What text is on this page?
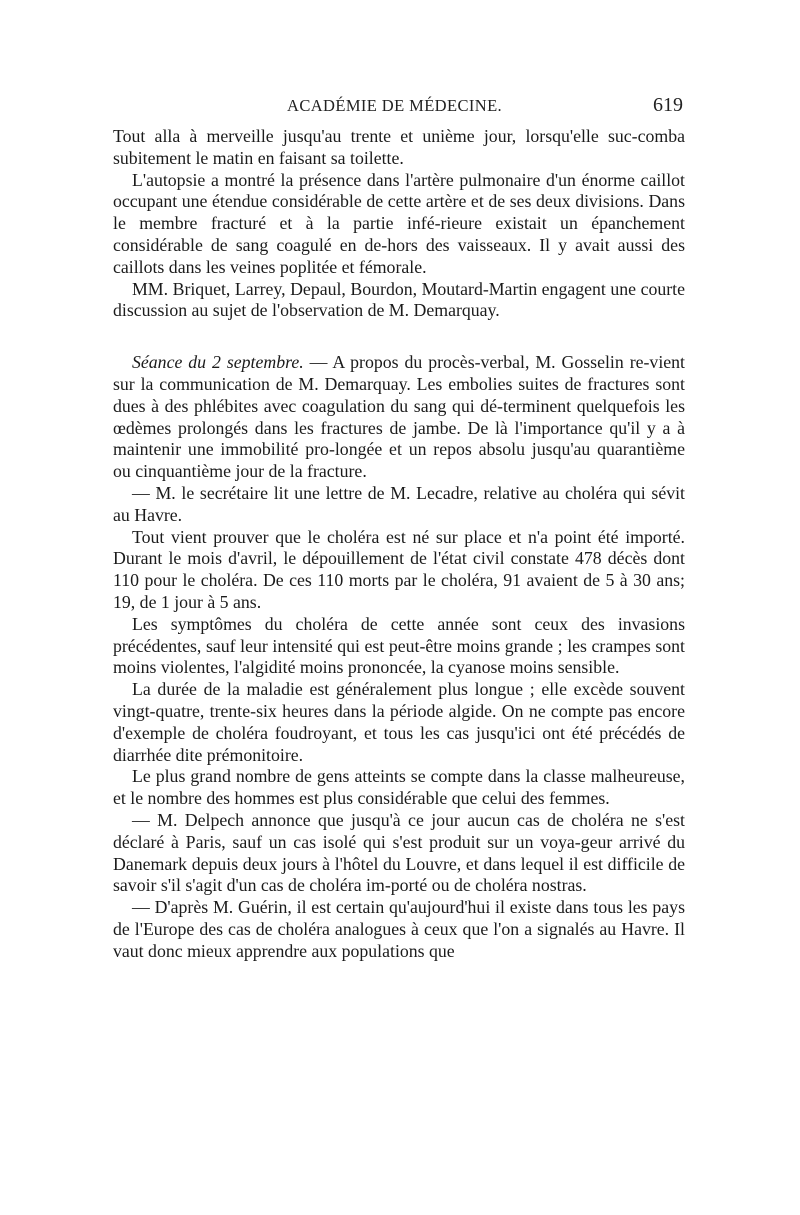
ACADÉMIE DE MÉDECINE.	619

Tout alla à merveille jusqu'au trente et unième jour, lorsqu'elle suc-comba subitement le matin en faisant sa toilette.

L'autopsie a montré la présence dans l'artère pulmonaire d'un énorme caillot occupant une étendue considérable de cette artère et de ses deux divisions. Dans le membre fracturé et à la partie infé-rieure existait un épanchement considérable de sang coagulé en de-hors des vaisseaux. Il y avait aussi des caillots dans les veines poplitée et fémorale.

MM. Briquet, Larrey, Depaul, Bourdon, Moutard-Martin engagent une courte discussion au sujet de l'observation de M. Demarquay.

Séance du 2 septembre. — A propos du procès-verbal, M. Gosselin re-vient sur la communication de M. Demarquay. Les embolies suites de fractures sont dues à des phlébites avec coagulation du sang qui dé-terminent quelquefois les œdèmes prolongés dans les fractures de jambe. De là l'importance qu'il y a à maintenir une immobilité pro-longée et un repos absolu jusqu'au quarantième ou cinquantième jour de la fracture.

— M. le secrétaire lit une lettre de M. Lecadre, relative au choléra qui sévit au Havre.

Tout vient prouver que le choléra est né sur place et n'a point été importé. Durant le mois d'avril, le dépouillement de l'état civil constate 478 décès dont 110 pour le choléra. De ces 110 morts par le choléra, 91 avaient de 5 à 30 ans; 19, de 1 jour à 5 ans.

Les symptômes du choléra de cette année sont ceux des invasions précédentes, sauf leur intensité qui est peut-être moins grande ; les crampes sont moins violentes, l'algidité moins prononcée, la cyanose moins sensible.

La durée de la maladie est généralement plus longue ; elle excède souvent vingt-quatre, trente-six heures dans la période algide. On ne compte pas encore d'exemple de choléra foudroyant, et tous les cas jusqu'ici ont été précédés de diarrhée dite prémonitoire.

Le plus grand nombre de gens atteints se compte dans la classe malheureuse, et le nombre des hommes est plus considérable que celui des femmes.

— M. Delpech annonce que jusqu'à ce jour aucun cas de choléra ne s'est déclaré à Paris, sauf un cas isolé qui s'est produit sur un voya-geur arrivé du Danemark depuis deux jours à l'hôtel du Louvre, et dans lequel il est difficile de savoir s'il s'agit d'un cas de choléra im-porté ou de choléra nostras.

— D'après M. Guérin, il est certain qu'aujourd'hui il existe dans tous les pays de l'Europe des cas de choléra analogues à ceux que l'on a signalés au Havre. Il vaut donc mieux apprendre aux populations que
